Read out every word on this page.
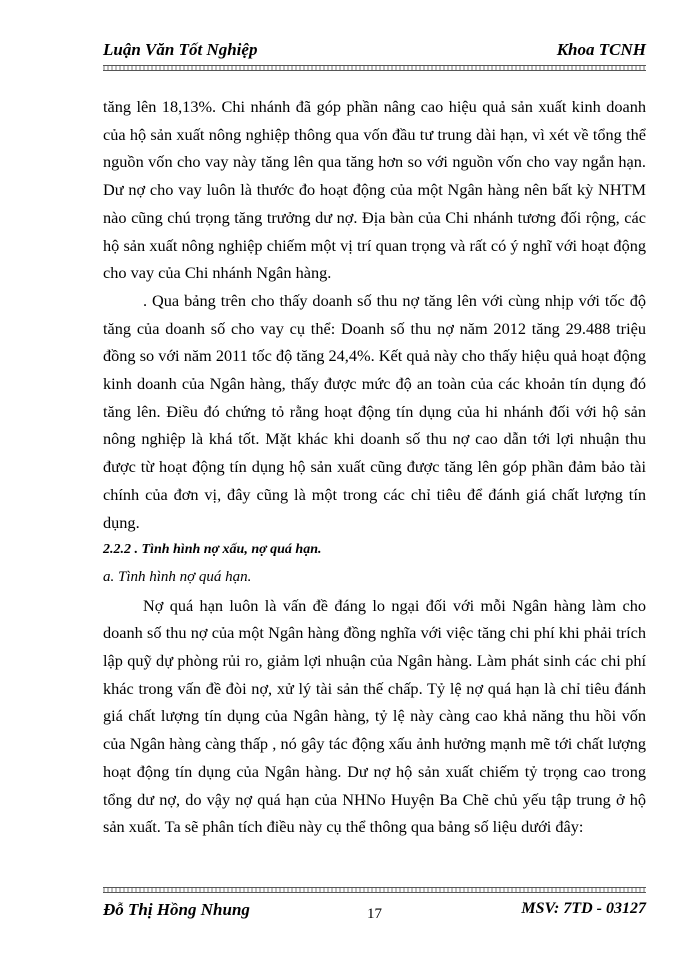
Luận Văn Tốt Nghiệp	Khoa TCNH

tăng lên 18,13%. Chi nhánh đã góp phần nâng cao hiệu quả sản xuất kinh doanh của hộ sản xuất nông nghiệp thông qua vốn đầu tư trung dài hạn, vì xét về tổng thể nguồn vốn cho vay này tăng lên qua tăng hơn so với nguồn vốn cho vay ngắn hạn. Dư nợ cho vay luôn là thước đo hoạt động của một Ngân hàng nên bất kỳ NHTM nào cũng chú trọng tăng trưởng dư nợ. Địa bàn của Chi nhánh tương đối rộng, các hộ sản xuất nông nghiệp chiếm một vị trí quan trọng và rất có ý nghĩ với hoạt động cho vay của Chi nhánh Ngân hàng.

. Qua bảng trên cho thấy doanh số thu nợ tăng lên với cùng nhịp với tốc độ tăng của doanh số cho vay cụ thể: Doanh số thu nợ năm 2012 tăng 29.488 triệu đồng so với năm 2011 tốc độ tăng 24,4%. Kết quả này cho thấy hiệu quả hoạt động kinh doanh của Ngân hàng, thấy được mức độ an toàn của các khoản tín dụng đó tăng lên. Điều đó chứng tỏ rằng hoạt động tín dụng của hi nhánh đối với hộ sản nông nghiệp là khá tốt. Mặt khác khi doanh số thu nợ cao dẫn tới lợi nhuận thu được từ hoạt động tín dụng hộ sản xuất cũng được tăng lên góp phần đảm bảo tài chính của đơn vị, đây cũng là một trong các chỉ tiêu để đánh giá chất lượng tín dụng.

2.2.2 . Tình hình nợ xấu, nợ quá hạn.

a. Tình hình nợ quá hạn.

Nợ quá hạn luôn là vấn đề đáng lo ngại đối với mỗi Ngân hàng làm cho doanh số thu nợ của một Ngân hàng đồng nghĩa với việc tăng chi phí khi phải trích lập quỹ dự phòng rủi ro, giảm lợi nhuận của Ngân hàng. Làm phát sinh các chi phí khác trong vấn đề đòi nợ, xử lý tài sản thế chấp. Tỷ lệ nợ quá hạn là chỉ tiêu đánh giá chất lượng tín dụng của Ngân hàng, tỷ lệ này càng cao khả năng thu hồi vốn của Ngân hàng càng thấp , nó gây tác động xấu ảnh hưởng mạnh mẽ tới chất lượng hoạt động tín dụng của Ngân hàng. Dư nợ hộ sản xuất chiếm tỷ trọng cao trong tổng dư nợ, do vậy nợ quá hạn của NHNo Huyện Ba Chẽ chủ yếu tập trung ở hộ sản xuất. Ta sẽ phân tích điều này cụ thể thông qua bảng số liệu dưới đây:

Đỗ Thị Hồng Nhung	17	MSV: 7TD - 03127
